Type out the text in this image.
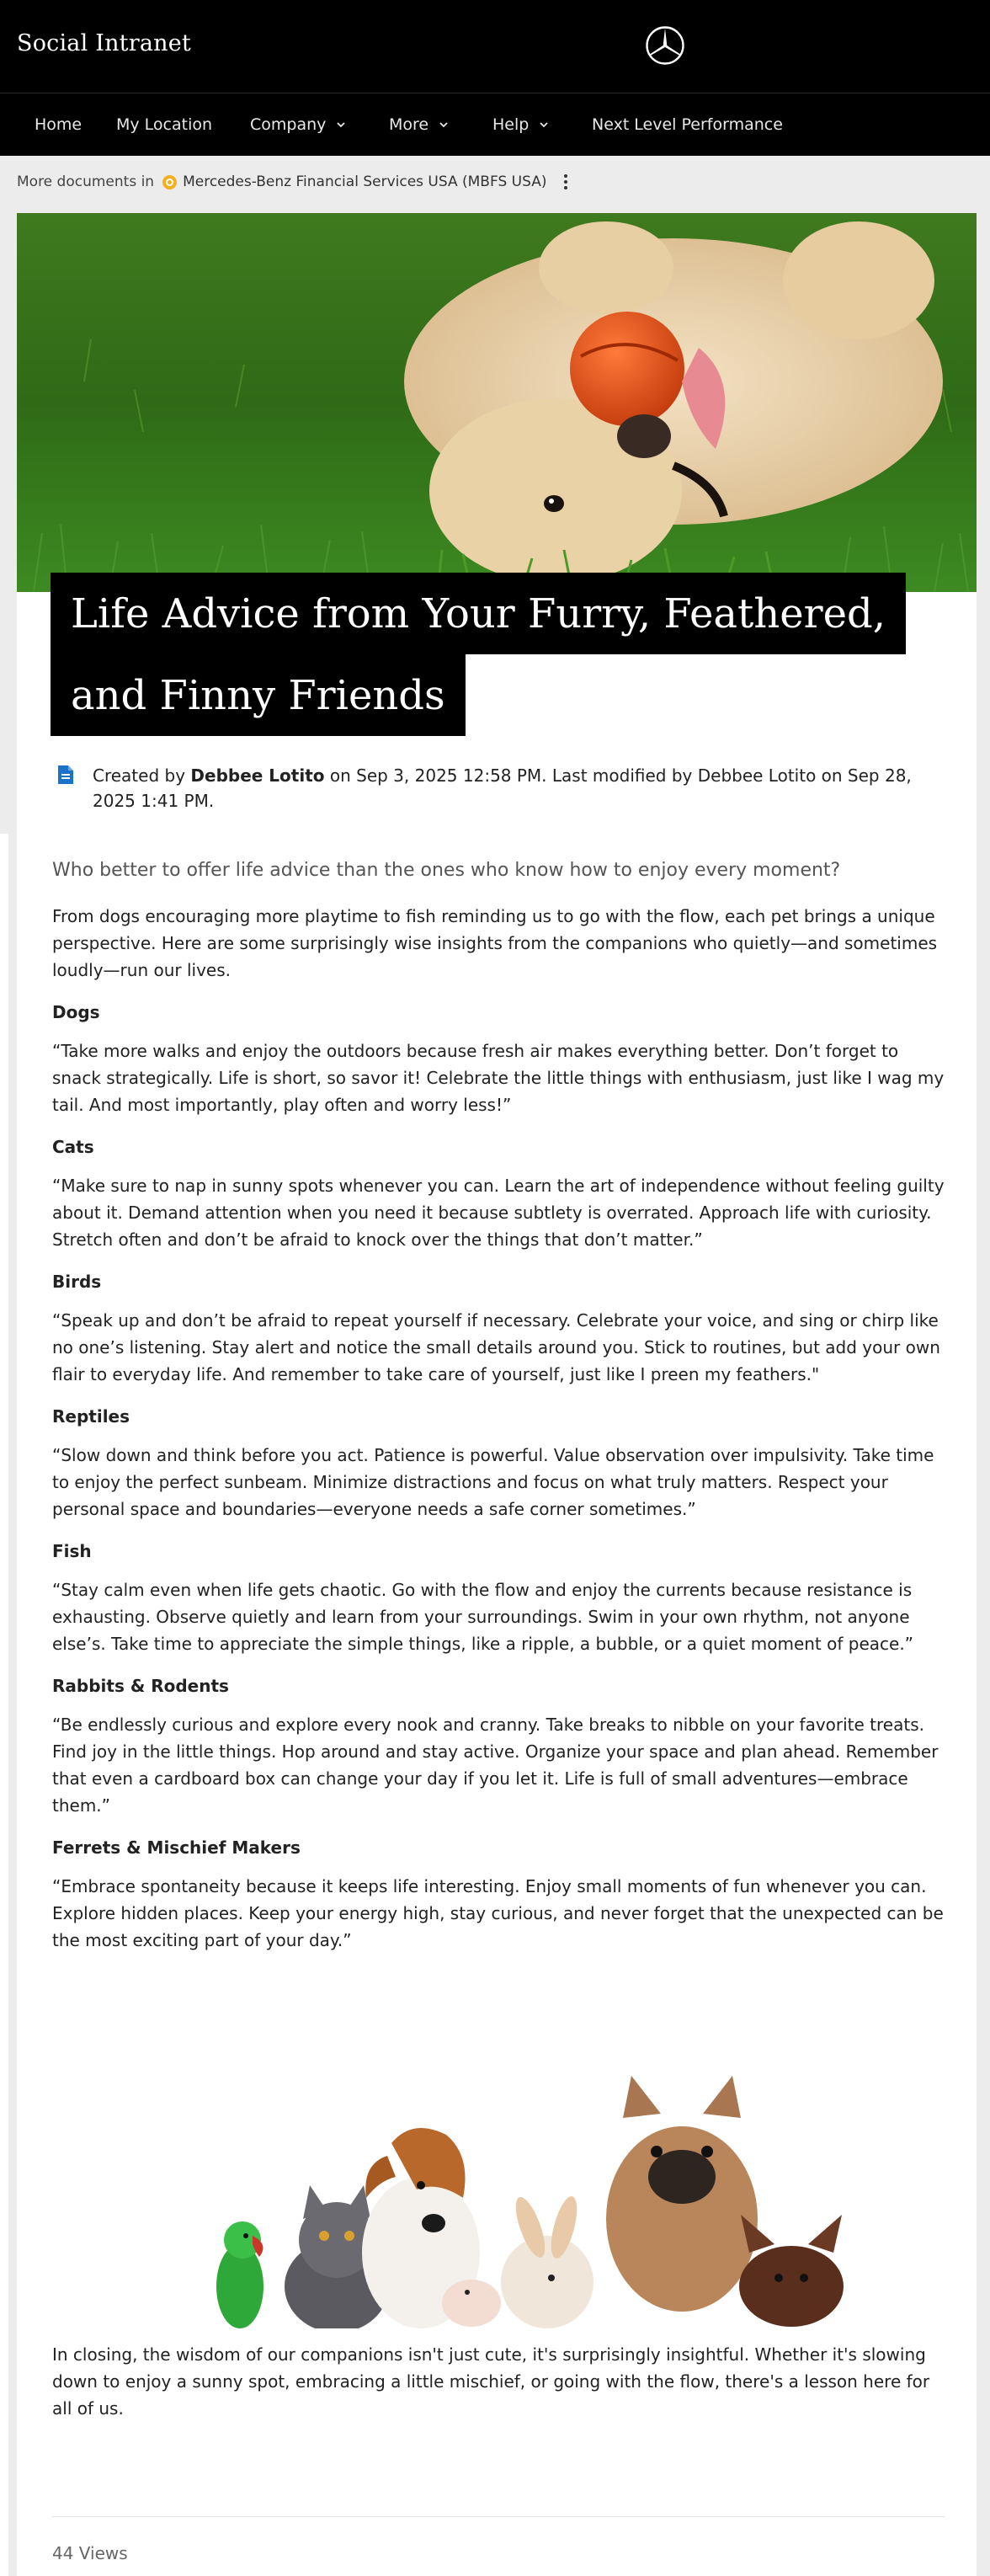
Social Intranet
Home My Location Company	More	Help	Next Level Performance
More documents in Mercedes-Benz Financial Services USA (MBFS USA)
Life Advice from Your Furry, Feathered,
and Finny Friends
Created by Debbee Lotito on Sep 3, 2025 12:58 PM. Last modified by Debbee Lotito on Sep 28, 2025 1:41 PM.

Who better to offer life advice than the ones who know how to enjoy every moment?

From dogs encouraging more playtime to fish reminding us to go with the flow, each pet brings a unique perspective. Here are some surprisingly wise insights from the companions who quietly—and sometimes loudly—run our lives.

Dogs

“Take more walks and enjoy the outdoors because fresh air makes everything better. Don’t forget to snack strategically. Life is short, so savor it! Celebrate the little things with enthusiasm, just like I wag my tail. And most importantly, play often and worry less!”

Cats

“Make sure to nap in sunny spots whenever you can. Learn the art of independence without feeling guilty about it. Demand attention when you need it because subtlety is overrated. Approach life with curiosity. Stretch often and don’t be afraid to knock over the things that don’t matter.”

Birds

“Speak up and don’t be afraid to repeat yourself if necessary. Celebrate your voice, and sing or chirp like no one’s listening. Stay alert and notice the small details around you. Stick to routines, but add your own flair to everyday life. And remember to take care of yourself, just like I preen my feathers."

Reptiles

“Slow down and think before you act. Patience is powerful. Value observation over impulsivity. Take time to enjoy the perfect sunbeam. Minimize distractions and focus on what truly matters. Respect your personal space and boundaries—everyone needs a safe corner sometimes.”

Fish

“Stay calm even when life gets chaotic. Go with the flow and enjoy the currents because resistance is exhausting. Observe quietly and learn from your surroundings. Swim in your own rhythm, not anyone else’s. Take time to appreciate the simple things, like a ripple, a bubble, or a quiet moment of peace.”

Rabbits & Rodents

“Be endlessly curious and explore every nook and cranny. Take breaks to nibble on your favorite treats. Find joy in the little things. Hop around and stay active. Organize your space and plan ahead. Remember that even a cardboard box can change your day if you let it. Life is full of small adventures—embrace them.”

Ferrets & Mischief Makers

“Embrace spontaneity because it keeps life interesting. Enjoy small moments of fun whenever you can. Explore hidden places. Keep your energy high, stay curious, and never forget that the unexpected can be the most exciting part of your day.”

In closing, the wisdom of our companions isn't just cute, it's surprisingly insightful. Whether it's slowing down to enjoy a sunny spot, embracing a little mischief, or going with the flow, there's a lesson here for all of us.

44 Views
